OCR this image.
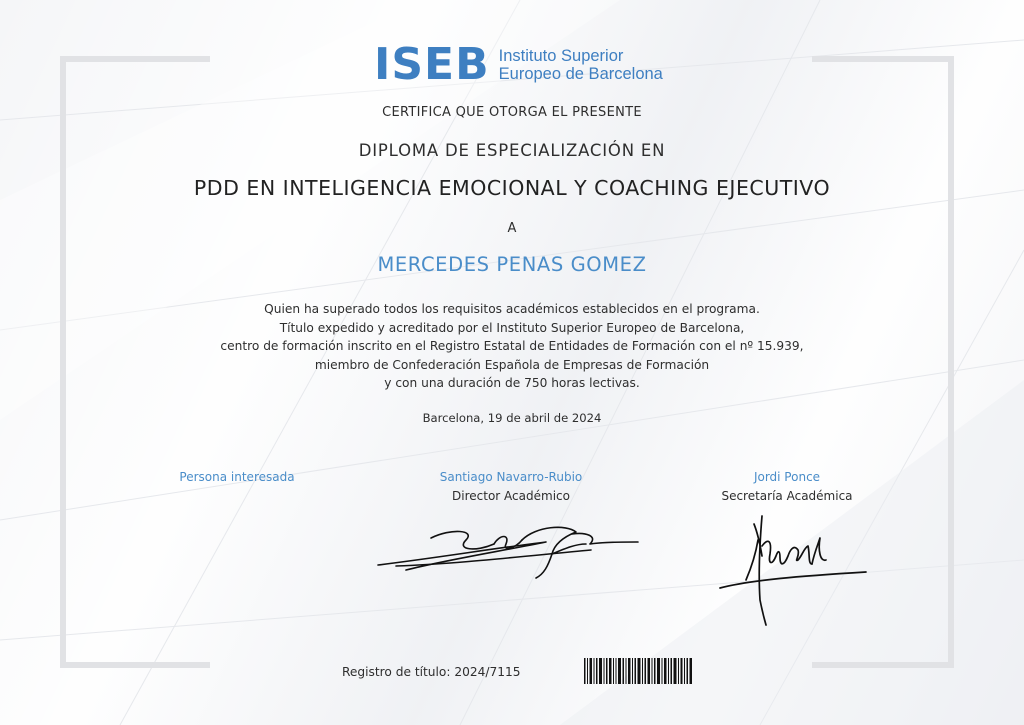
ISEB Instituto Superior
Europeo de Barcelona
CERTIFICA QUE OTORGA EL PRESENTE
DIPLOMA DE ESPECIALIZACIÓN EN
PDD EN INTELIGENCIA EMOCIONAL Y COACHING EJECUTIVO
A
MERCEDES PENAS GOMEZ
Quien ha superado todos los requisitos académicos establecidos en el programa.
Título expedido y acreditado por el Instituto Superior Europeo de Barcelona,
centro de formación inscrito en el Registro Estatal de Entidades de Formación con el nº 15.939,
miembro de Confederación Española de Empresas de Formación
y con una duración de 750 horas lectivas.
Barcelona, 19 de abril de 2024
Persona interesada	Santiago Navarro-Rubio
Director Académico
Jordi Ponce
Secretaría Académica
Registro de título: 2024/7115
